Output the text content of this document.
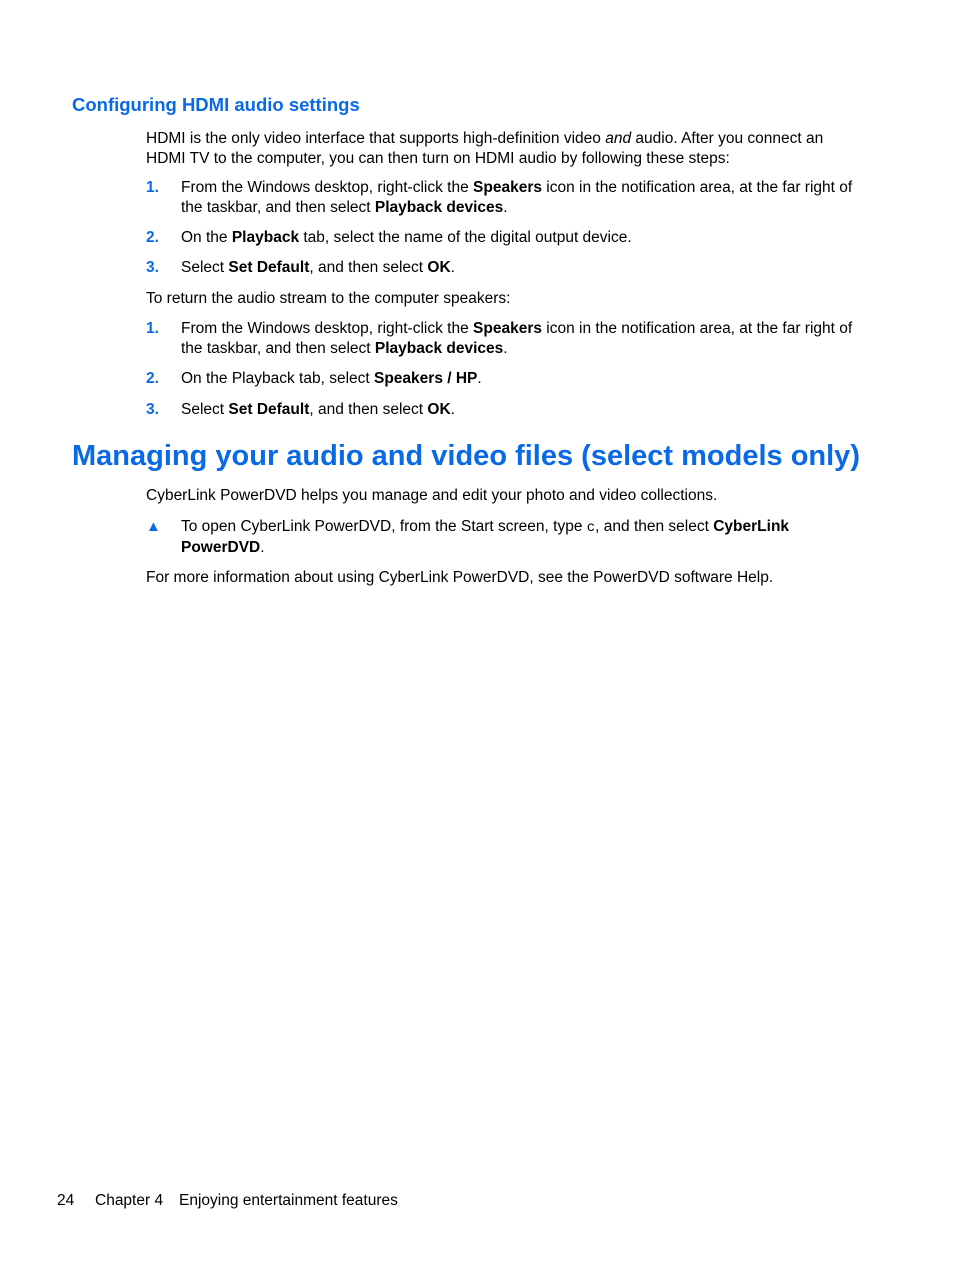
Configuring HDMI audio settings

HDMI is the only video interface that supports high-definition video and audio. After you connect an HDMI TV to the computer, you can then turn on HDMI audio by following these steps:

1. From the Windows desktop, right-click the Speakers icon in the notification area, at the far right of the taskbar, and then select Playback devices.
2. On the Playback tab, select the name of the digital output device.
3. Select Set Default, and then select OK.

To return the audio stream to the computer speakers:

1. From the Windows desktop, right-click the Speakers icon in the notification area, at the far right of the taskbar, and then select Playback devices.
2. On the Playback tab, select Speakers / HP.
3. Select Set Default, and then select OK.
Managing your audio and video files (select models only)

CyberLink PowerDVD helps you manage and edit your photo and video collections.

▲ To open CyberLink PowerDVD, from the Start screen, type c, and then select CyberLink PowerDVD.

For more information about using CyberLink PowerDVD, see the PowerDVD software Help.

24 Chapter 4 Enjoying entertainment features
